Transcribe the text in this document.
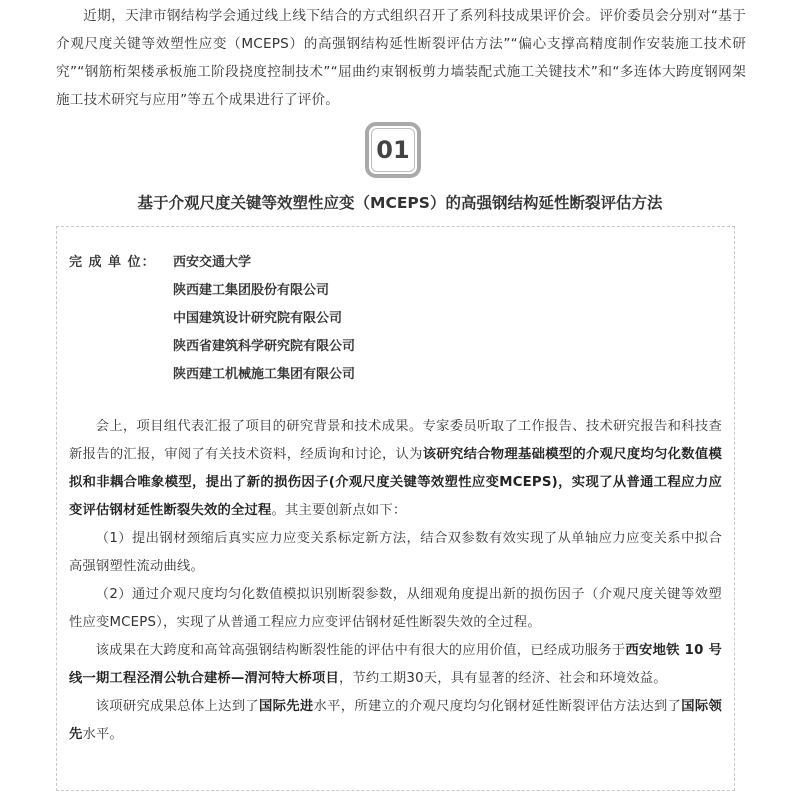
近期，天津市钢结构学会通过线上线下结合的方式组织召开了系列科技成果评价会。评价委员会分别对“基于介观尺度关键等效塑性应变（MCEPS）的高强钢结构延性断裂评估方法”“偏心支撑高精度制作安装施工技术研究”“钢筋桁架楼承板施工阶段挠度控制技术”“屈曲约束钢板剪力墙装配式施工关键技术”和“多连体大跨度钢网架施工技术研究与应用”等五个成果进行了评价。

01
基于介观尺度关键等效塑性应变（MCEPS）的高强钢结构延性断裂评估方法
完 成 单 位： 西安交通大学
陕西建工集团股份有限公司
中国建筑设计研究院有限公司
陕西省建筑科学研究院有限公司
陕西建工机械施工集团有限公司

会上，项目组代表汇报了项目的研究背景和技术成果。专家委员听取了工作报告、技术研究报告和科技查新报告的汇报，审阅了有关技术资料，经质询和讨论，认为该研究结合物理基础模型的介观尺度均匀化数值模拟和非耦合唯象模型，提出了新的损伤因子(介观尺度关键等效塑性应变MCEPS)，实现了从普通工程应力应变评估钢材延性断裂失效的全过程。其主要创新点如下：

（1）提出钢材颈缩后真实应力应变关系标定新方法，结合双参数有效实现了从单轴应力应变关系中拟合高强钢塑性流动曲线。

（2）通过介观尺度均匀化数值模拟识别断裂参数，从细观角度提出新的损伤因子（介观尺度关键等效塑性应变MCEPS），实现了从普通工程应力应变评估钢材延性断裂失效的全过程。

该成果在大跨度和高耸高强钢结构断裂性能的评估中有很大的应用价值，已经成功服务于西安地铁 10 号线一期工程泾渭公轨合建桥—渭河特大桥项目，节约工期30天，具有显著的经济、社会和环境效益。

该项研究成果总体上达到了国际先进水平，所建立的介观尺度均匀化钢材延性断裂评估方法达到了国际领先水平。
